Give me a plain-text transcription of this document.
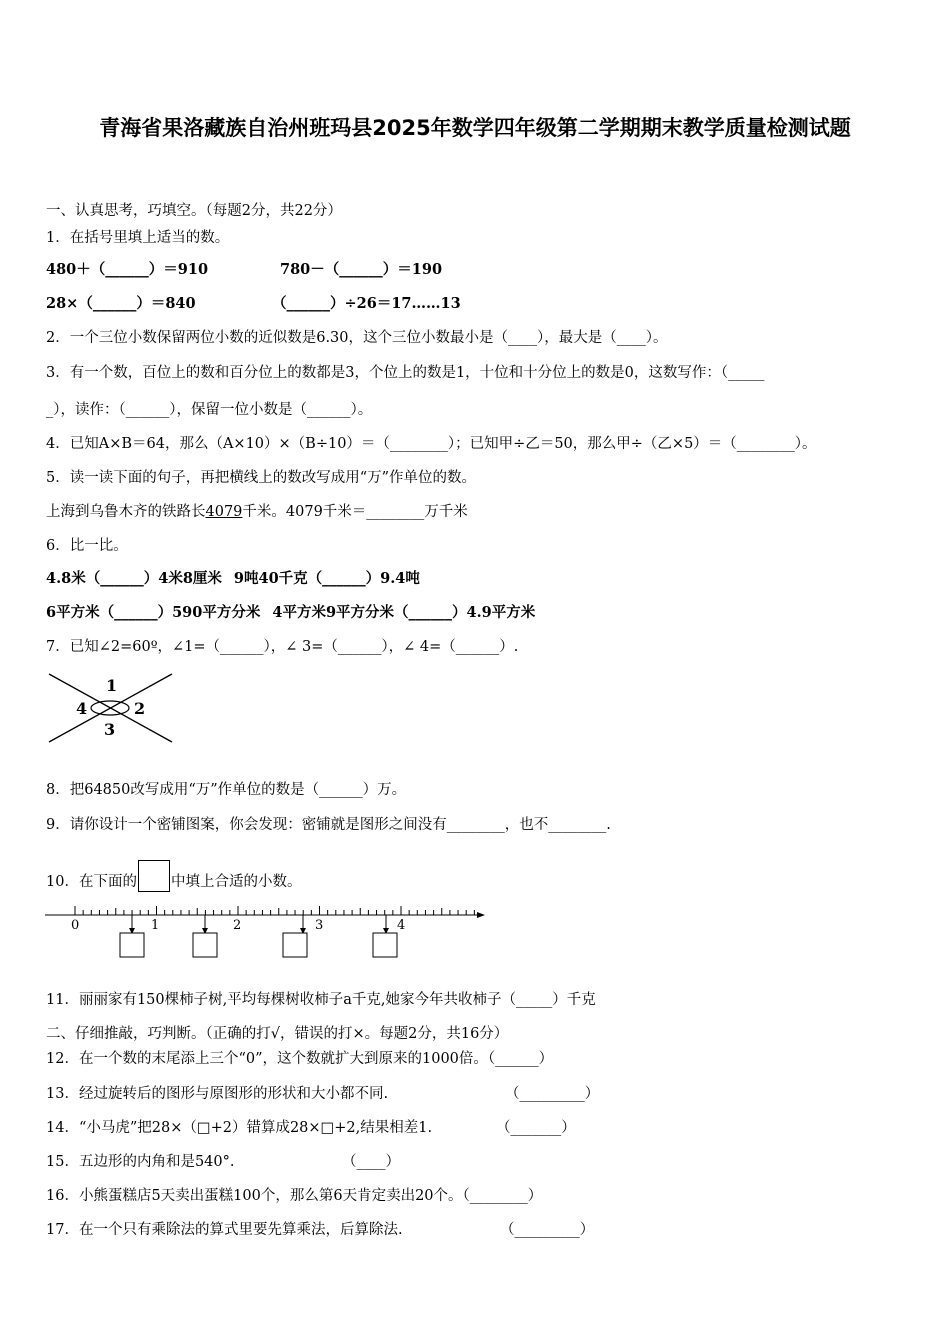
青海省果洛藏族自治州班玛县2025年数学四年级第二学期期末教学质量检测试题
一、认真思考，巧填空。（每题2分，共22分）
1．在括号里填上适当的数。
480＋（______）＝910	780－（______）＝190
28×（______）＝840	（______）÷26＝17……13
2．一个三位小数保留两位小数的近似数是6.30，这个三位小数最小是（____），最大是（____）。
3．有一个数，百位上的数和百分位上的数都是3，个位上的数是1，十位和十分位上的数是0，这数写作：（_____
_），读作：（______），保留一位小数是（______）。
4．已知A×B＝64，那么（A×10）×（B÷10）＝（________）；已知甲÷乙＝50，那么甲÷（乙×5）＝（________）。
5．读一读下面的句子，再把横线上的数改写成用“万”作单位的数。
上海到乌鲁木齐的铁路长4079千米。4079千米＝________万千米
6．比一比。
4.8米（______）4米8厘米 9吨40千克（______）9.4吨
6平方米（______）590平方分米 4平方米9平方分米（______）4.9平方米
7．已知∠2=60º，∠1=（______），∠ 3=（______），∠ 4=（______）.
1
2
3
4
8．把64850改写成用“万”作单位的数是（______）万。
9．请你设计一个密铺图案，你会发现：密铺就是图形之间没有________，也不________.
10．在下面的 中填上合适的小数。
0	1	2	3	4
11．丽丽家有150棵柿子树,平均每棵树收柿子a千克,她家今年共收柿子（_____）千克
二、仔细推敲，巧判断。（正确的打√，错误的打×。每题2分，共16分）
12．在一个数的末尾添上三个“0”，这个数就扩大到原来的1000倍。（______）
13．经过旋转后的图形与原图形的形状和大小都不同.	（_________）
14．“小马虎”把28×（□+2）错算成28×□+2,结果相差1.	（_______）
15．五边形的内角和是540°.	（____）
16．小熊蛋糕店5天卖出蛋糕100个，那么第6天肯定卖出20个。（________）
17．在一个只有乘除法的算式里要先算乘法，后算除法.	（_________）
